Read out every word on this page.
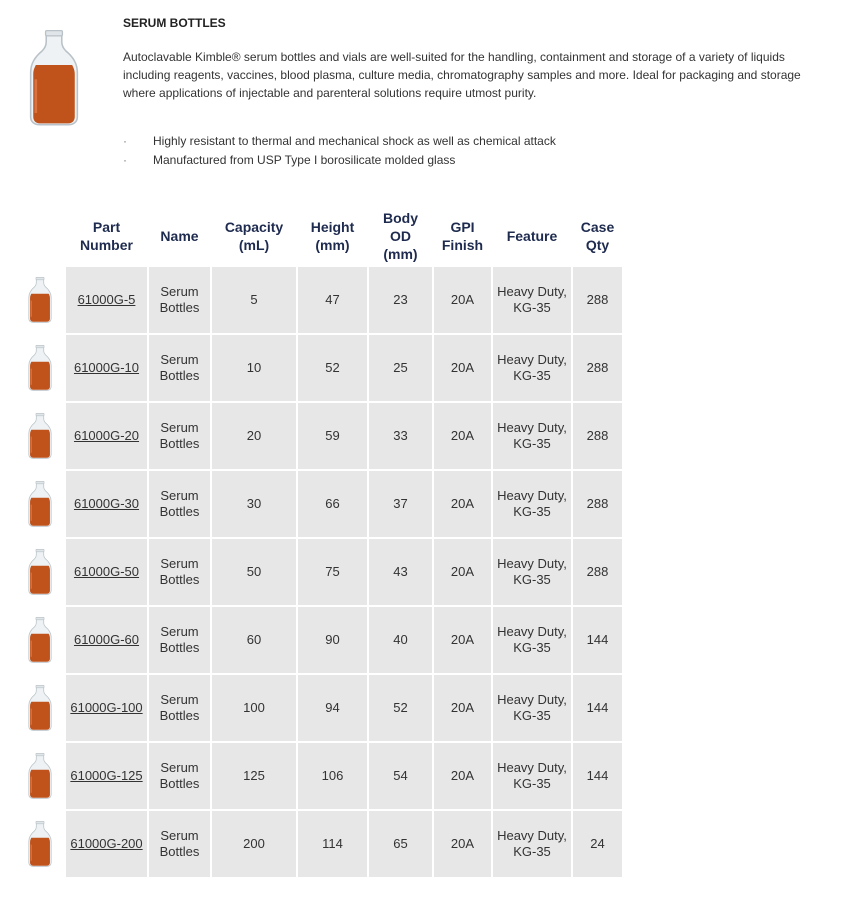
SERUM BOTTLES
Autoclavable Kimble® serum bottles and vials are well-suited for the handling, containment and storage of a variety of liquids including reagents, vaccines, blood plasma, culture media, chromatography samples and more. Ideal for packaging and storage where applications of injectable and parenteral solutions require utmost purity.
· Highly resistant to thermal and mechanical shock as well as chemical attack
· Manufactured from USP Type I borosilicate molded glass
	Part
Number	Name	Capacity
(mL)	Height
(mm)	Body
OD
(mm)	GPI
Finish	Feature	Case
Qty

	61000G-5	Serum
Bottles	5	47	23	20A	Heavy Duty,
KG-35	288

	61000G-10	Serum
Bottles	10	52	25	20A	Heavy Duty,
KG-35	288

	61000G-20	Serum
Bottles	20	59	33	20A	Heavy Duty,
KG-35	288

	61000G-30	Serum
Bottles	30	66	37	20A	Heavy Duty,
KG-35	288

	61000G-50	Serum
Bottles	50	75	43	20A	Heavy Duty,
KG-35	288

	61000G-60	Serum
Bottles	60	90	40	20A	Heavy Duty,
KG-35	144

	61000G-100	Serum
Bottles	100	94	52	20A	Heavy Duty,
KG-35	144

	61000G-125	Serum
Bottles	125	106	54	20A	Heavy Duty,
KG-35	144

	61000G-200	Serum
Bottles	200	114	65	20A	Heavy Duty,
KG-35	24
